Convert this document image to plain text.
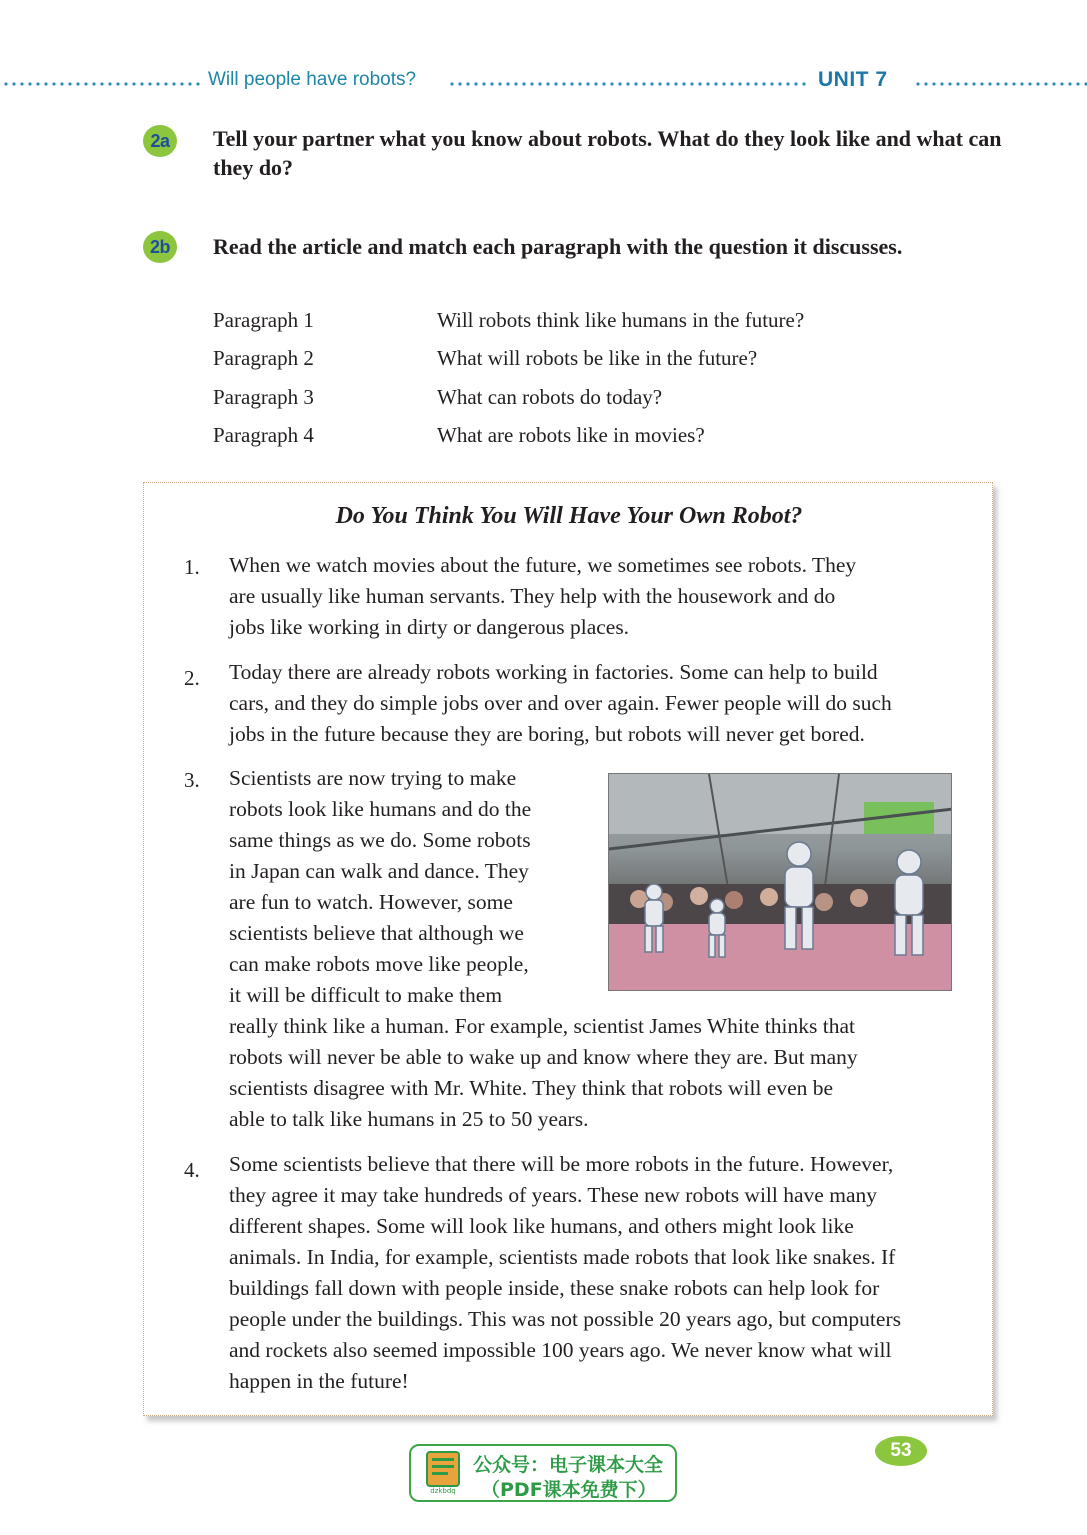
Will people have robots?	UNIT 7
2a	Tell your partner what you know about robots. What do they look like and what can they do?
2b	Read the article and match each paragraph with the question it discusses.
Paragraph 1	Will robots think like humans in the future?
Paragraph 2	What will robots be like in the future?
Paragraph 3	What can robots do today?
Paragraph 4	What are robots like in movies?
Do You Think You Will Have Your Own Robot?
1. When we watch movies about the future, we sometimes see robots. They
are usually like human servants. They help with the housework and do
jobs like working in dirty or dangerous places.
2. Today there are already robots working in factories. Some can help to build
cars, and they do simple jobs over and over again. Fewer people will do such
jobs in the future because they are boring, but robots will never get bored.
3. Scientists are now trying to make
robots look like humans and do the
same things as we do. Some robots
in Japan can walk and dance. They
are fun to watch. However, some
scientists believe that although we
can make robots move like people,
it will be difficult to make them
really think like a human. For example, scientist James White thinks that
robots will never be able to wake up and know where they are. But many
scientists disagree with Mr. White. They think that robots will even be
able to talk like humans in 25 to 50 years.
4. Some scientists believe that there will be more robots in the future. However,
they agree it may take hundreds of years. These new robots will have many
different shapes. Some will look like humans, and others might look like
animals. In India, for example, scientists made robots that look like snakes. If
buildings fall down with people inside, these snake robots can help look for
people under the buildings. This was not possible 20 years ago, but computers
and rockets also seemed impossible 100 years ago. We never know what will
happen in the future!
dzkbdq
公众号：电子课本大全
（PDF课本免费下）
53
